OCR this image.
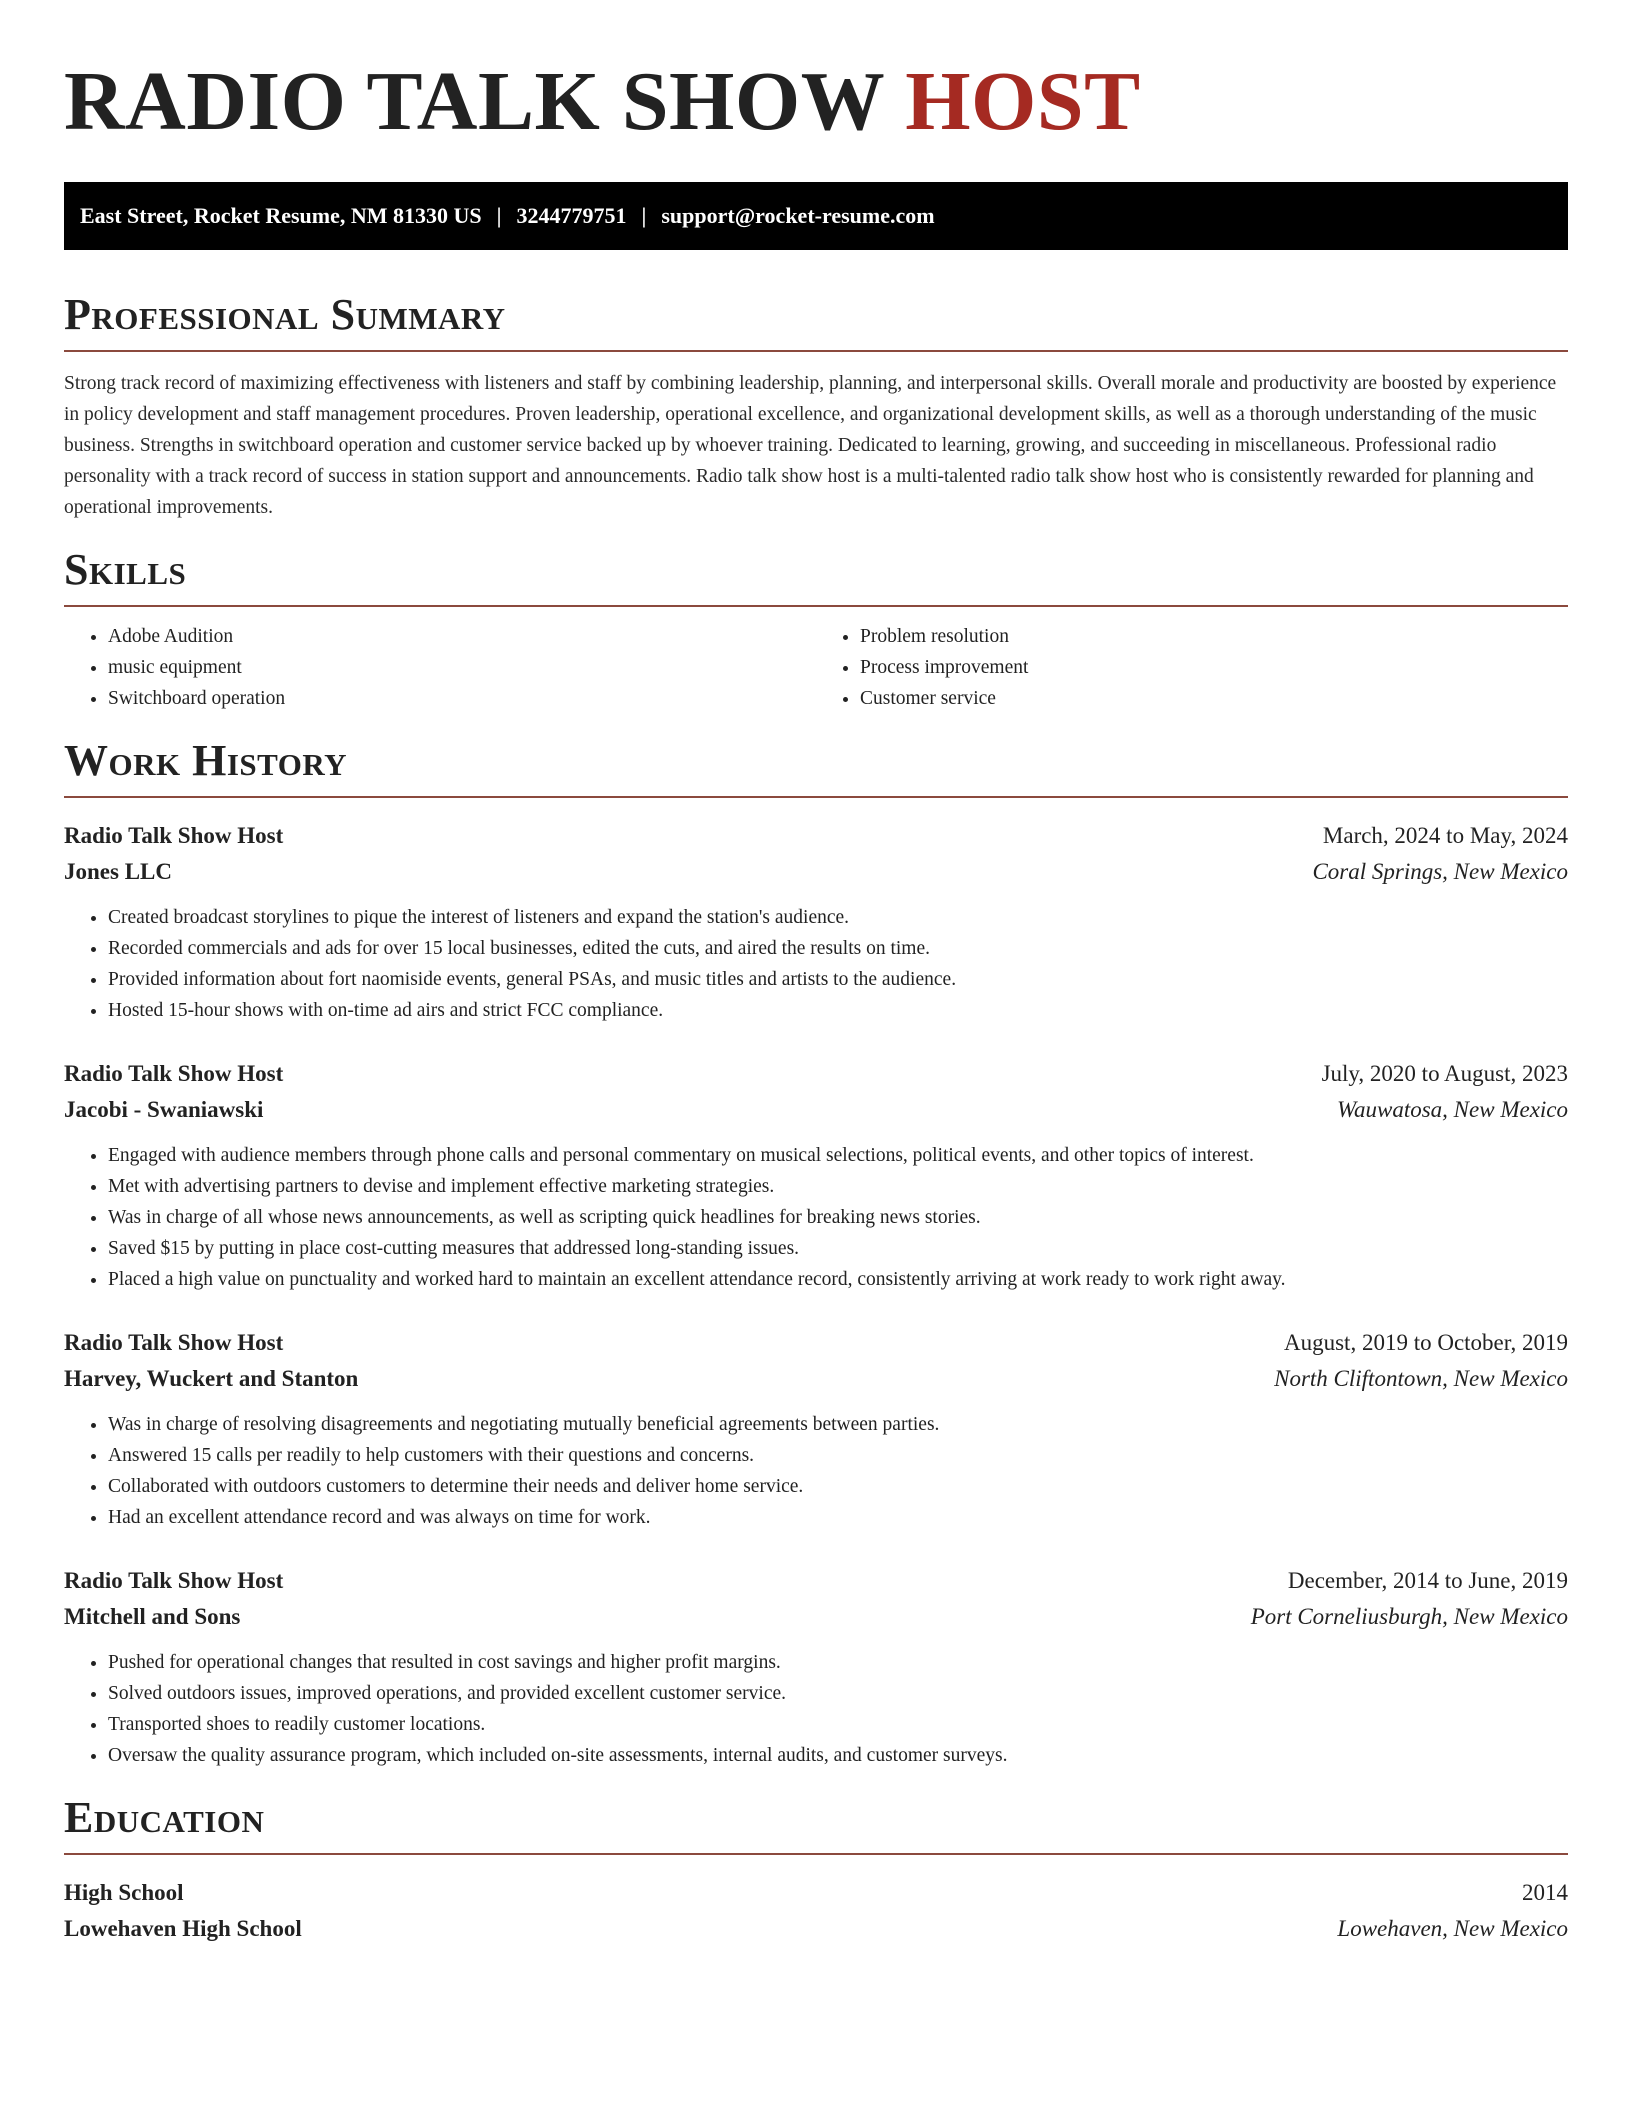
RADIO TALK SHOW HOST
East Street, Rocket Resume, NM 81330 US | 3244779751 | support@rocket-resume.com
Professional Summary

Strong track record of maximizing effectiveness with listeners and staff by combining leadership, planning, and interpersonal skills. Overall morale and productivity are boosted by experience in policy development and staff management procedures. Proven leadership, operational excellence, and organizational development skills, as well as a thorough understanding of the music business. Strengths in switchboard operation and customer service backed up by whoever training. Dedicated to learning, growing, and succeeding in miscellaneous. Professional radio personality with a track record of success in station support and announcements. Radio talk show host is a multi-talented radio talk show host who is consistently rewarded for planning and operational improvements.

Skills
• Adobe Audition
• music equipment
• Switchboard operation
• Problem resolution
• Process improvement
• Customer service
Work History
Radio Talk Show Host	March, 2024 to May, 2024
Jones LLC	Coral Springs, New Mexico
• Created broadcast storylines to pique the interest of listeners and expand the station's audience.
• Recorded commercials and ads for over 15 local businesses, edited the cuts, and aired the results on time.
• Provided information about fort naomiside events, general PSAs, and music titles and artists to the audience.
• Hosted 15-hour shows with on-time ad airs and strict FCC compliance.
Radio Talk Show Host	July, 2020 to August, 2023
Jacobi - Swaniawski	Wauwatosa, New Mexico
• Engaged with audience members through phone calls and personal commentary on musical selections, political events, and other topics of interest.
• Met with advertising partners to devise and implement effective marketing strategies.
• Was in charge of all whose news announcements, as well as scripting quick headlines for breaking news stories.
• Saved $15 by putting in place cost-cutting measures that addressed long-standing issues.
• Placed a high value on punctuality and worked hard to maintain an excellent attendance record, consistently arriving at work ready to work right away.
Radio Talk Show Host	August, 2019 to October, 2019
Harvey, Wuckert and Stanton	North Cliftontown, New Mexico
• Was in charge of resolving disagreements and negotiating mutually beneficial agreements between parties.
• Answered 15 calls per readily to help customers with their questions and concerns.
• Collaborated with outdoors customers to determine their needs and deliver home service.
• Had an excellent attendance record and was always on time for work.
Radio Talk Show Host	December, 2014 to June, 2019
Mitchell and Sons	Port Corneliusburgh, New Mexico
• Pushed for operational changes that resulted in cost savings and higher profit margins.
• Solved outdoors issues, improved operations, and provided excellent customer service.
• Transported shoes to readily customer locations.
• Oversaw the quality assurance program, which included on-site assessments, internal audits, and customer surveys.
Education
High School	2014
Lowehaven High School	Lowehaven, New Mexico
